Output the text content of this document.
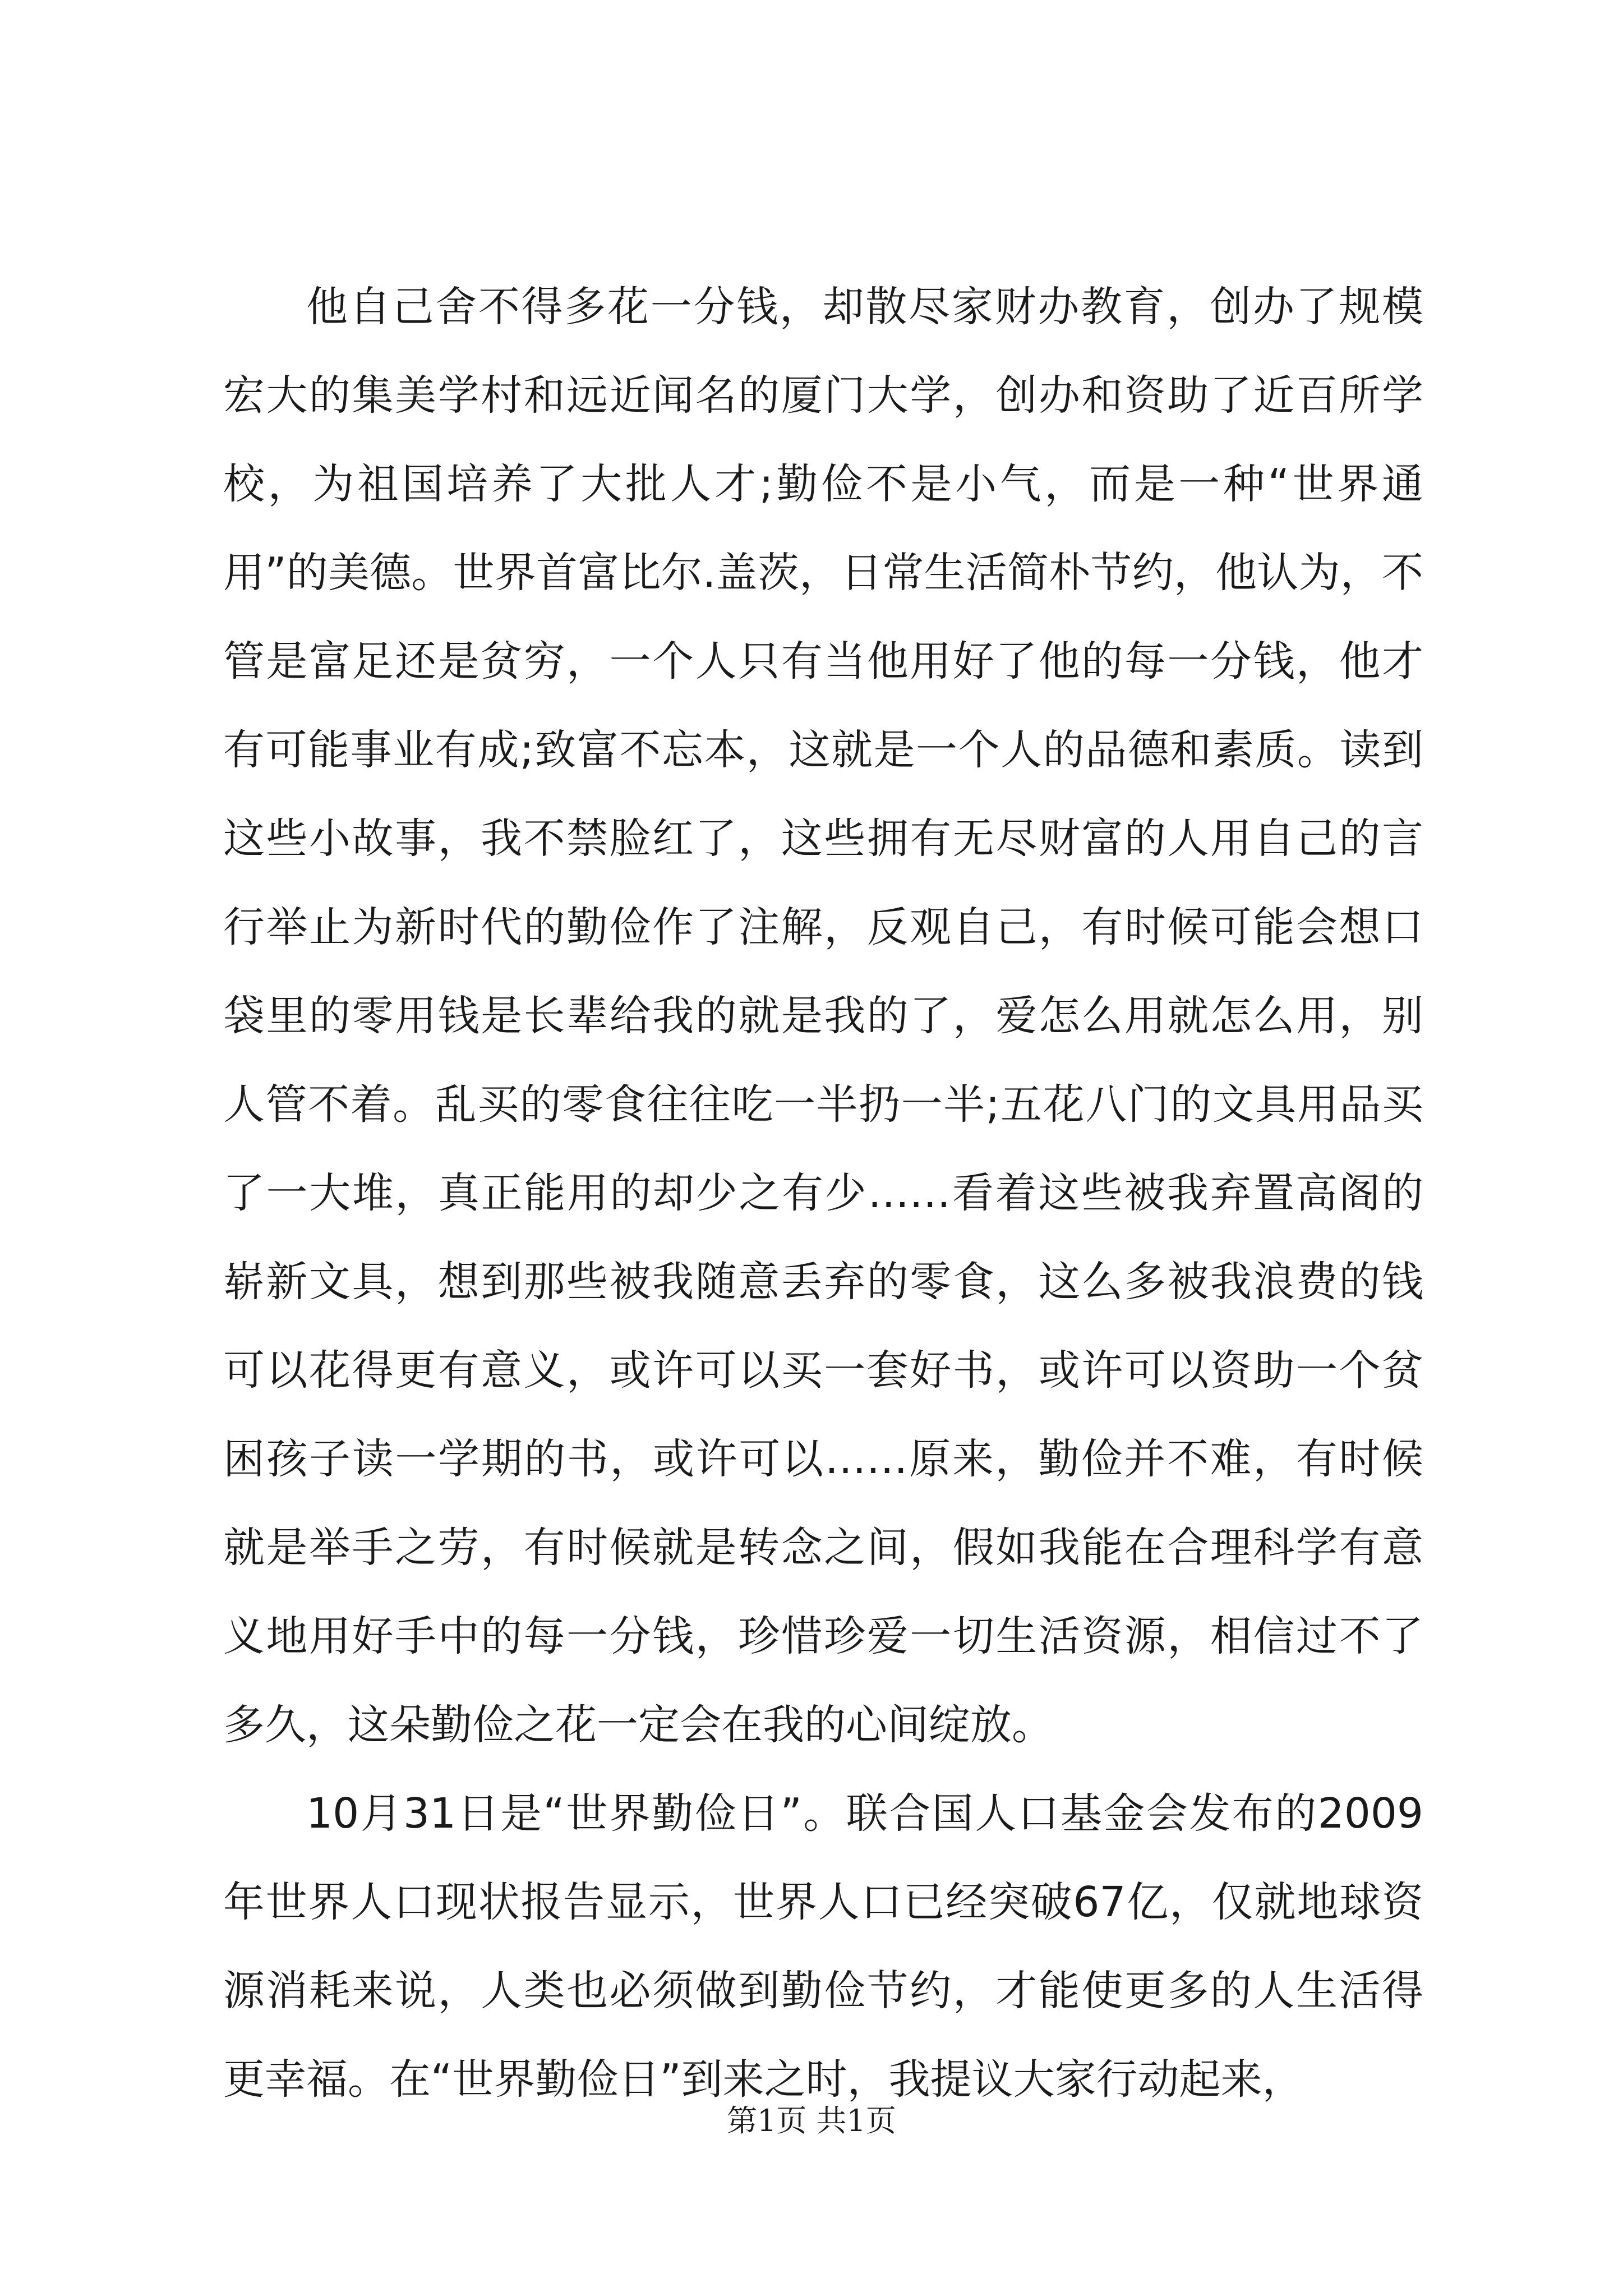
他自己舍不得多花一分钱，却散尽家财办教育，创办了规模宏大的集美学村和远近闻名的厦门大学，创办和资助了近百所学校，为祖国培养了大批人才;勤俭不是小气，而是一种“世界通用”的美德。世界首富比尔.盖茨，日常生活简朴节约，他认为，不管是富足还是贫穷，一个人只有当他用好了他的每一分钱，他才有可能事业有成;致富不忘本，这就是一个人的品德和素质。读到这些小故事，我不禁脸红了，这些拥有无尽财富的人用自己的言行举止为新时代的勤俭作了注解，反观自己，有时候可能会想口袋里的零用钱是长辈给我的就是我的了，爱怎么用就怎么用，别人管不着。乱买的零食往往吃一半扔一半;五花八门的文具用品买了一大堆，真正能用的却少之有少……看着这些被我弃置高阁的崭新文具，想到那些被我随意丢弃的零食，这么多被我浪费的钱可以花得更有意义，或许可以买一套好书，或许可以资助一个贫困孩子读一学期的书，或许可以……原来，勤俭并不难，有时候就是举手之劳，有时候就是转念之间，假如我能在合理科学有意义地用好手中的每一分钱，珍惜珍爱一切生活资源，相信过不了多久，这朵勤俭之花一定会在我的心间绽放。

10月31日是“世界勤俭日”。联合国人口基金会发布的2009年世界人口现状报告显示，世界人口已经突破67亿，仅就地球资源消耗来说，人类也必须做到勤俭节约，才能使更多的人生活得更幸福。在“世界勤俭日”到来之时，我提议大家行动起来，

第1页 共1页
